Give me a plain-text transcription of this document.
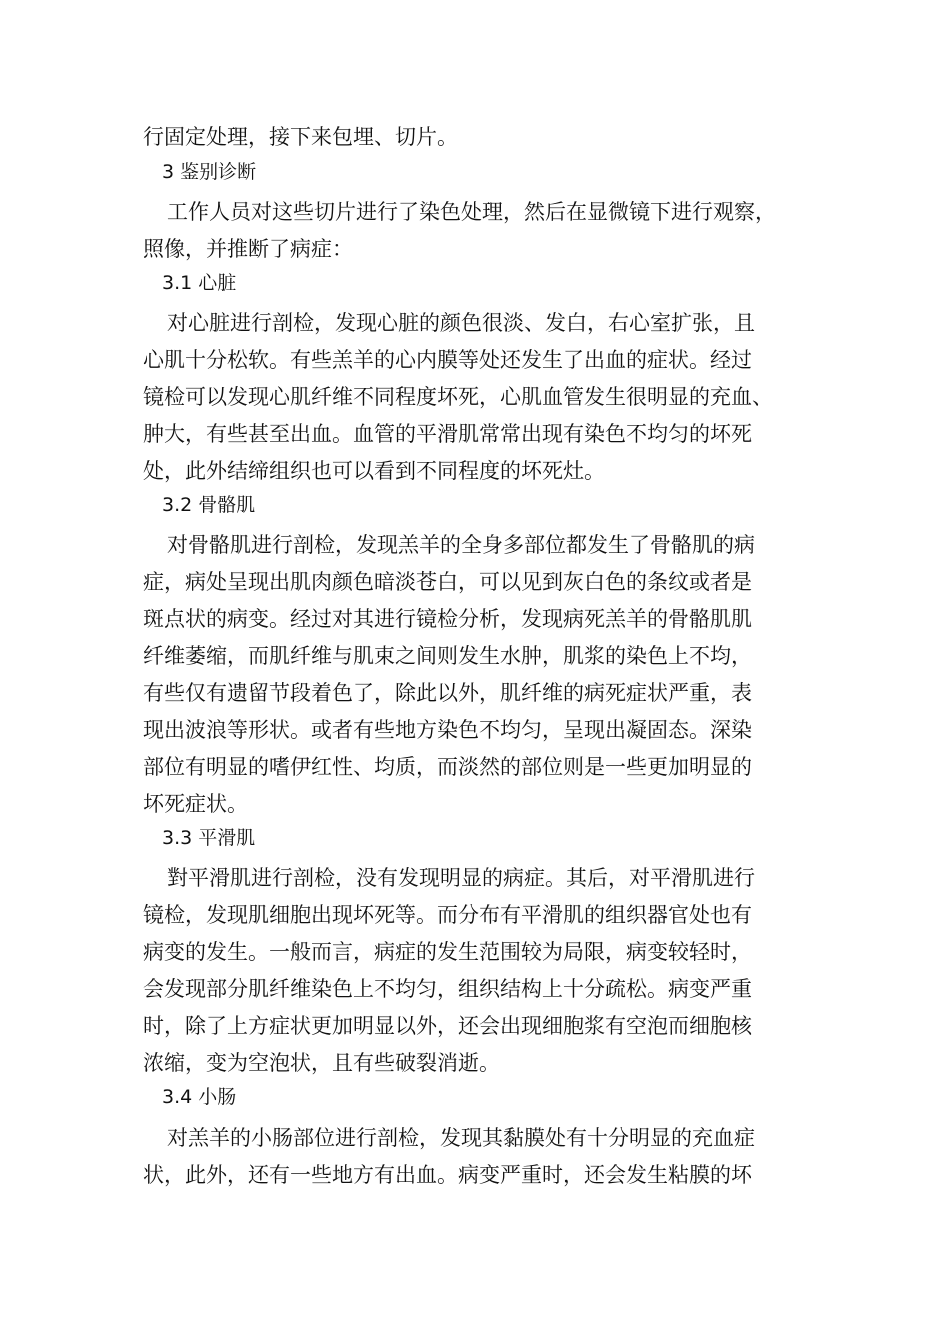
行固定处理，接下来包埋、切片。
3 鉴别诊断
工作人员对这些切片进行了染色处理，然后在显微镜下进行观察，
照像，并推断了病症：
3.1 心脏
对心脏进行剖检，发现心脏的颜色很淡、发白，右心室扩张，且
心肌十分松软。有些羔羊的心内膜等处还发生了出血的症状。经过
镜检可以发现心肌纤维不同程度坏死，心肌血管发生很明显的充血、
肿大，有些甚至出血。血管的平滑肌常常出现有染色不均匀的坏死
处，此外结缔组织也可以看到不同程度的坏死灶。
3.2 骨骼肌
对骨骼肌进行剖检，发现羔羊的全身多部位都发生了骨骼肌的病
症，病处呈现出肌肉颜色暗淡苍白，可以见到灰白色的条纹或者是
斑点状的病变。经过对其进行镜检分析，发现病死羔羊的骨骼肌肌
纤维萎缩，而肌纤维与肌束之间则发生水肿，肌浆的染色上不均，
有些仅有遗留节段着色了，除此以外，肌纤维的病死症状严重，表
现出波浪等形状。或者有些地方染色不均匀，呈现出凝固态。深染
部位有明显的嗜伊红性、均质，而淡然的部位则是一些更加明显的
坏死症状。
3.3 平滑肌
對平滑肌进行剖检，没有发现明显的病症。其后，对平滑肌进行
镜检，发现肌细胞出现坏死等。而分布有平滑肌的组织器官处也有
病变的发生。一般而言，病症的发生范围较为局限，病变较轻时，
会发现部分肌纤维染色上不均匀，组织结构上十分疏松。病变严重
时，除了上方症状更加明显以外，还会出现细胞浆有空泡而细胞核
浓缩，变为空泡状，且有些破裂消逝。
3.4 小肠
对羔羊的小肠部位进行剖检，发现其黏膜处有十分明显的充血症
状，此外，还有一些地方有出血。病变严重时，还会发生粘膜的坏
